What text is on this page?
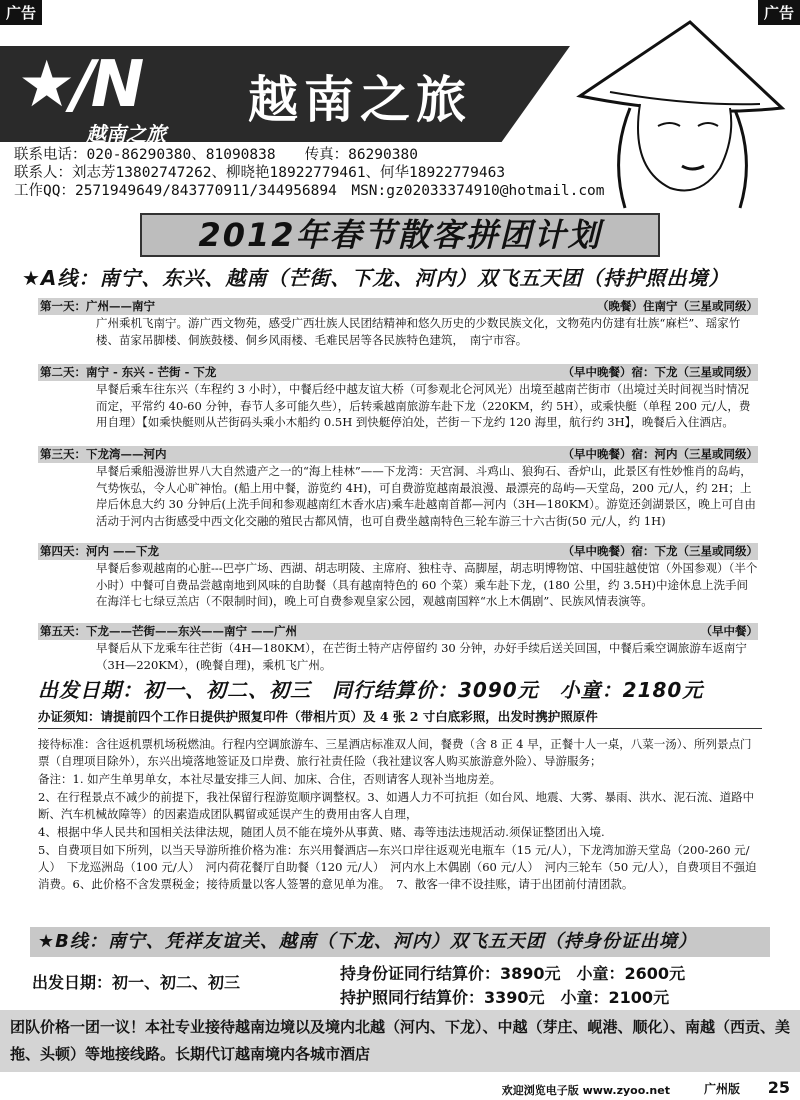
广告	广告
★/N
越南之旅
越南之旅
联系电话：020-86290380、81090838　　传真：86290380
联系人：刘志芳13802747262、柳晓艳18922779461、何华18922779463
工作QQ：2571949649/843770911/344956894　MSN:gz02033374910@hotmail.com
2012年春节散客拼团计划
★A线：南宁、东兴、越南（芒街、下龙、河内）双飞五天团（持护照出境）
第一天：广州——南宁	（晚餐）住南宁（三星或同级）
广州乘机飞南宁。游广西文物苑，感受广西壮族人民团结精神和悠久历史的少数民族文化，文物苑内仿建有壮族“麻栏”、瑶家竹楼、苗家吊脚楼、侗族鼓楼、侗乡风雨楼、毛难民居等各民族特色建筑，　南宁市容。
第二天：南宁 - 东兴 - 芒街 - 下龙	（早中晚餐）宿：下龙（三星或同级）
早餐后乘车往东兴（车程约 3 小时），中餐后经中越友谊大桥（可参观北仑河风光）出境至越南芒街市（出境过关时间视当时情况而定，平常约 40-60 分钟，春节人多可能久些），后转乘越南旅游车赴下龙（220KM，约 5H），或乘快艇（单程 200 元/人，费用自理）【如乘快艇则从芒街码头乘小木船约 0.5H 到快艇停泊处，芒街－下龙约 120 海里，航行约 3H】，晚餐后入住酒店。
第三天：下龙湾——河内	（早中晚餐）宿：河内（三星或同级）
早餐后乘船漫游世界八大自然遗产之一的“海上桂林”——下龙湾：天宫洞、斗鸡山、狼狗石、香炉山，此景区有性妙惟肖的岛屿，气势恢弘，令人心旷神怡。(船上用中餐，游览约 4H)，可自费游览越南最浪漫、最漂亮的岛屿—天堂岛，200 元/人，约 2H；上岸后休息大约 30 分钟后(上洗手间和参观越南红木香水店)乘车赴越南首都—河内（3H—180KM）。游览还剑湖景区，晚上可自由活动于河内古街感受中西文化交融的殖民古都风情，也可自费坐越南特色三轮车游三十六古街(50 元/人，约 1H)
第四天：河内 ——下龙	（早中晚餐）宿：下龙（三星或同级）
早餐后参观越南的心脏---巴亭广场、西湖、胡志明陵、主席府、独柱寺、高脚屋，胡志明博物馆、中国驻越使馆（外国参观）（半个小时）中餐可自费品尝越南地到风味的自助餐（具有越南特色的 60 个菜）乘车赴下龙，(180 公里，约 3.5H)中途休息上洗手间在海洋七七绿豆羔店（不限制时间)，晚上可自费参观皇家公园，观越南国粹“水上木偶剧”、民族风情表演等。
第五天：下龙——芒街——东兴——南宁 ——广州	（早中餐）
早餐后从下龙乘车往芒街（4H—180KM），在芒街土特产店停留约 30 分钟，办好手续后送关回国，中餐后乘空调旅游车返南宁（3H—220KM），(晚餐自理)，乘机飞广州。
出发日期：初一、初二、初三　同行结算价：3090元　小童：2180元
办证须知：请提前四个工作日提供护照复印件（带相片页）及 4 张 2 寸白底彩照，出发时携护照原件

接待标准：含往返机票机场税燃油。行程内空调旅游车、三星酒店标准双人间，餐费（含 8 正 4 早，正餐十人一桌，八菜一汤）、所列景点门票（自理项目除外），东兴出境落地签证及口岸费、旅行社责任险（我社建议客人购买旅游意外险）、导游服务；

备注：1. 如产生单男单女，本社尽量安排三人间、加床、合住，否则请客人现补当地房差。

2、在行程景点不减少的前提下，我社保留行程游览顺序调整权。3、如遇人力不可抗拒（如台风、地震、大雾、暴雨、洪水、泥石流、道路中断、汽车机械故障等）的因素造成团队羁留或延误产生的费用由客人自理，

4、根据中华人民共和国相关法律法规，随团人员不能在境外从事黄、赌、毒等违法违规活动.须保证整团出入境.

5、自费项目如下所列，以当天导游所推价格为准：东兴用餐酒店—东兴口岸往返观光电瓶车（15 元/人），下龙湾加游天堂岛（200-260 元/人）　下龙巡洲岛（100 元/人）　河内荷花餐厅自助餐（120 元/人）　河内水上木偶剧（60 元/人）　河内三轮车（50 元/人），自费项目不强迫消费。6、此价格不含发票税金；接待质量以客人签署的意见单为准。　7、散客一律不设挂账，请于出团前付清团款。

★B线：南宁、凭祥友谊关、越南（下龙、河内）双飞五天团（持身份证出境）
出发日期：初一、初二、初三	持身份证同行结算价：3890元　小童：2600元
持护照同行结算价：3390元　小童：2100元
团队价格一团一议！本社专业接待越南边境以及境内北越（河内、下龙）、中越（芽庄、岘港、顺化）、南越（西贡、美拖、头顿）等地接线路。长期代订越南境内各城市酒店
欢迎浏览电子版 www.zyoo.net	广州版 25
